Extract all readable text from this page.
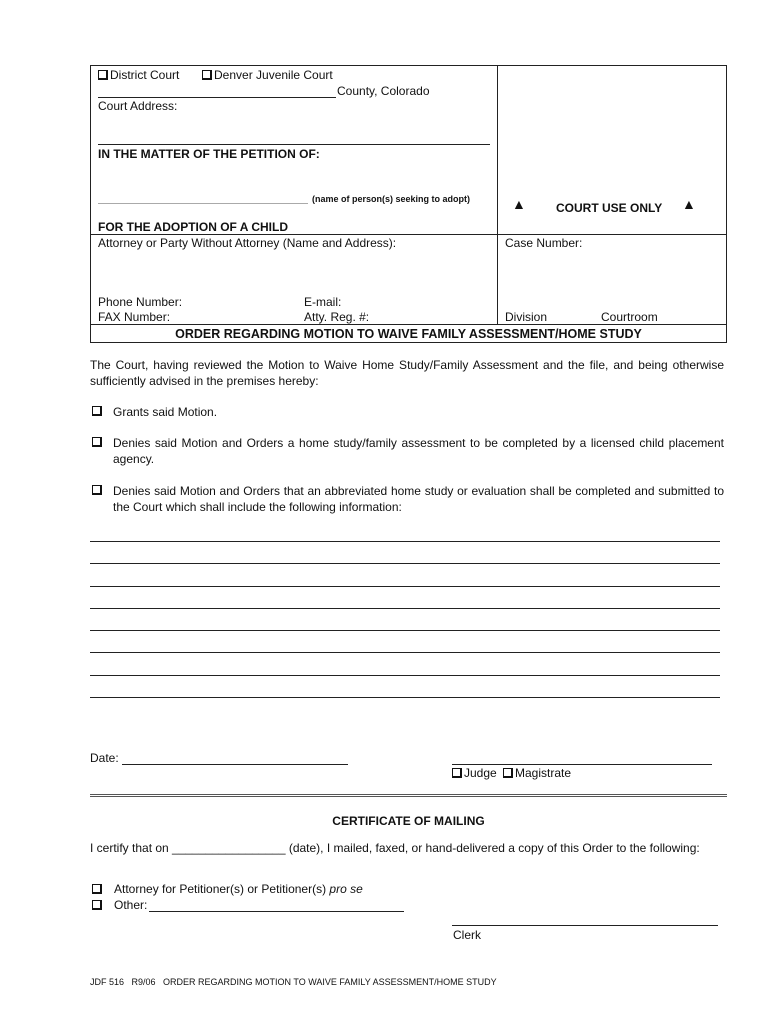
District Court	Denver Juvenile Court
County, Colorado
Court Address:
IN THE MATTER OF THE PETITION OF:
(name of person(s) seeking to adopt)
FOR THE ADOPTION OF A CHILD
▲	COURT USE ONLY ▲
Attorney or Party Without Attorney (Name and Address):	Case Number:
Phone Number:	E-mail:
FAX Number:	Atty. Reg. #:	Division	Courtroom
ORDER REGARDING MOTION TO WAIVE FAMILY ASSESSMENT/HOME STUDY
The Court, having reviewed the Motion to Waive Home Study/Family Assessment and the file, and being otherwise sufficiently advised in the premises hereby:
Grants said Motion.
Denies said Motion and Orders a home study/family assessment to be completed by a licensed child placement agency.
Denies said Motion and Orders that an abbreviated home study or evaluation shall be completed and submitted to the Court which shall include the following information:
Date:
Judge	Magistrate
CERTIFICATE OF MAILING
I certify that on _________________ (date), I mailed, faxed, or hand-delivered a copy of this Order to the following:
Attorney for Petitioner(s) or Petitioner(s) pro se
Other:
Clerk
JDF 516   R9/06   ORDER REGARDING MOTION TO WAIVE FAMILY ASSESSMENT/HOME STUDY
